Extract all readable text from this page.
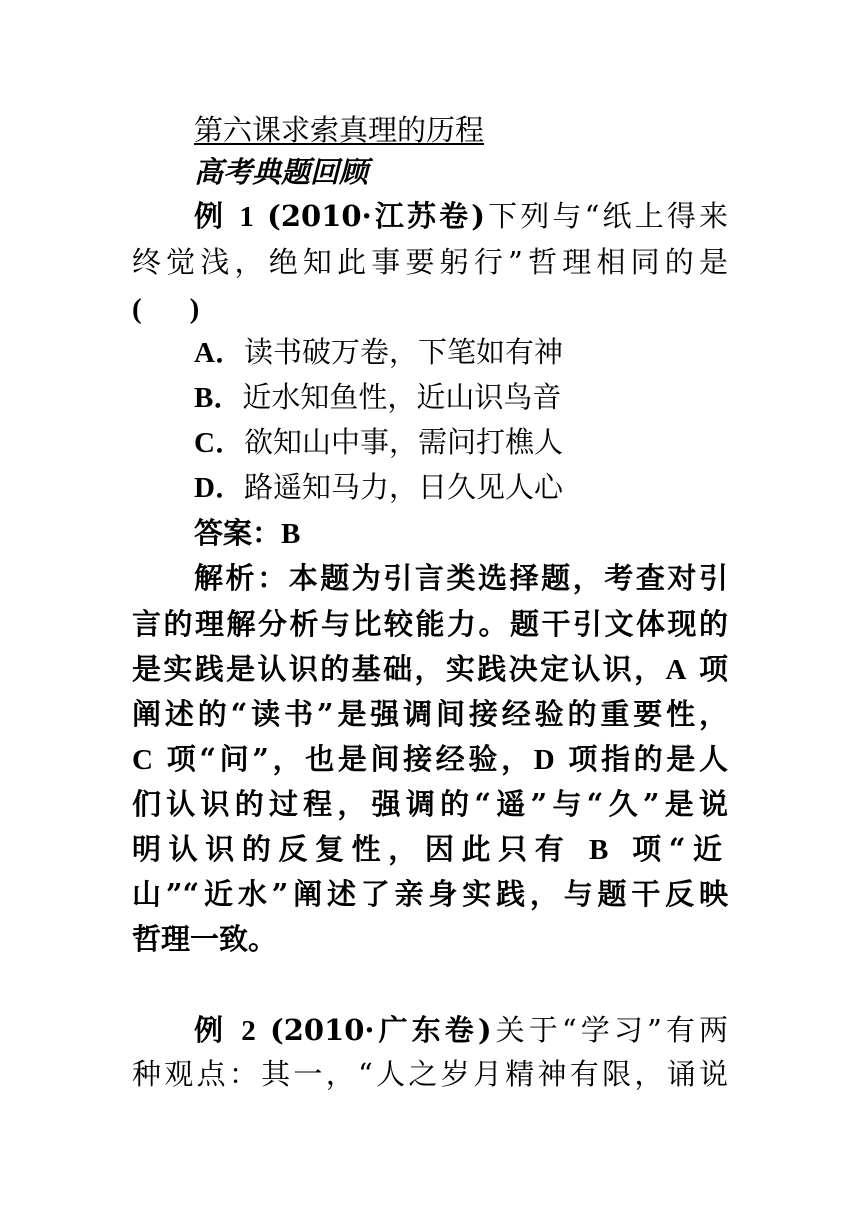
第六课求索真理的历程
高考典题回顾
例 1 (2010·江苏卷)下列与“纸上得来
终觉浅，绝知此事要躬行”哲理相同的是
( )
A．读书破万卷，下笔如有神
B．近水知鱼性，近山识鸟音
C．欲知山中事，需问打樵人
D．路遥知马力，日久见人心
答案：B
解析：本题为引言类选择题，考查对引
言的理解分析与比较能力。题干引文体现的
是实践是认识的基础，实践决定认识，A 项
阐述的“读书”是强调间接经验的重要性，
C 项“问”，也是间接经验，D 项指的是人
们认识的过程，强调的“遥”与“久”是说
明认识的反复性，因此只有 B 项“近
山”“近水”阐述了亲身实践，与题干反映
哲理一致。
例 2 (2010·广东卷)关于“学习”有两
种观点：其一，“人之岁月精神有限，诵说
